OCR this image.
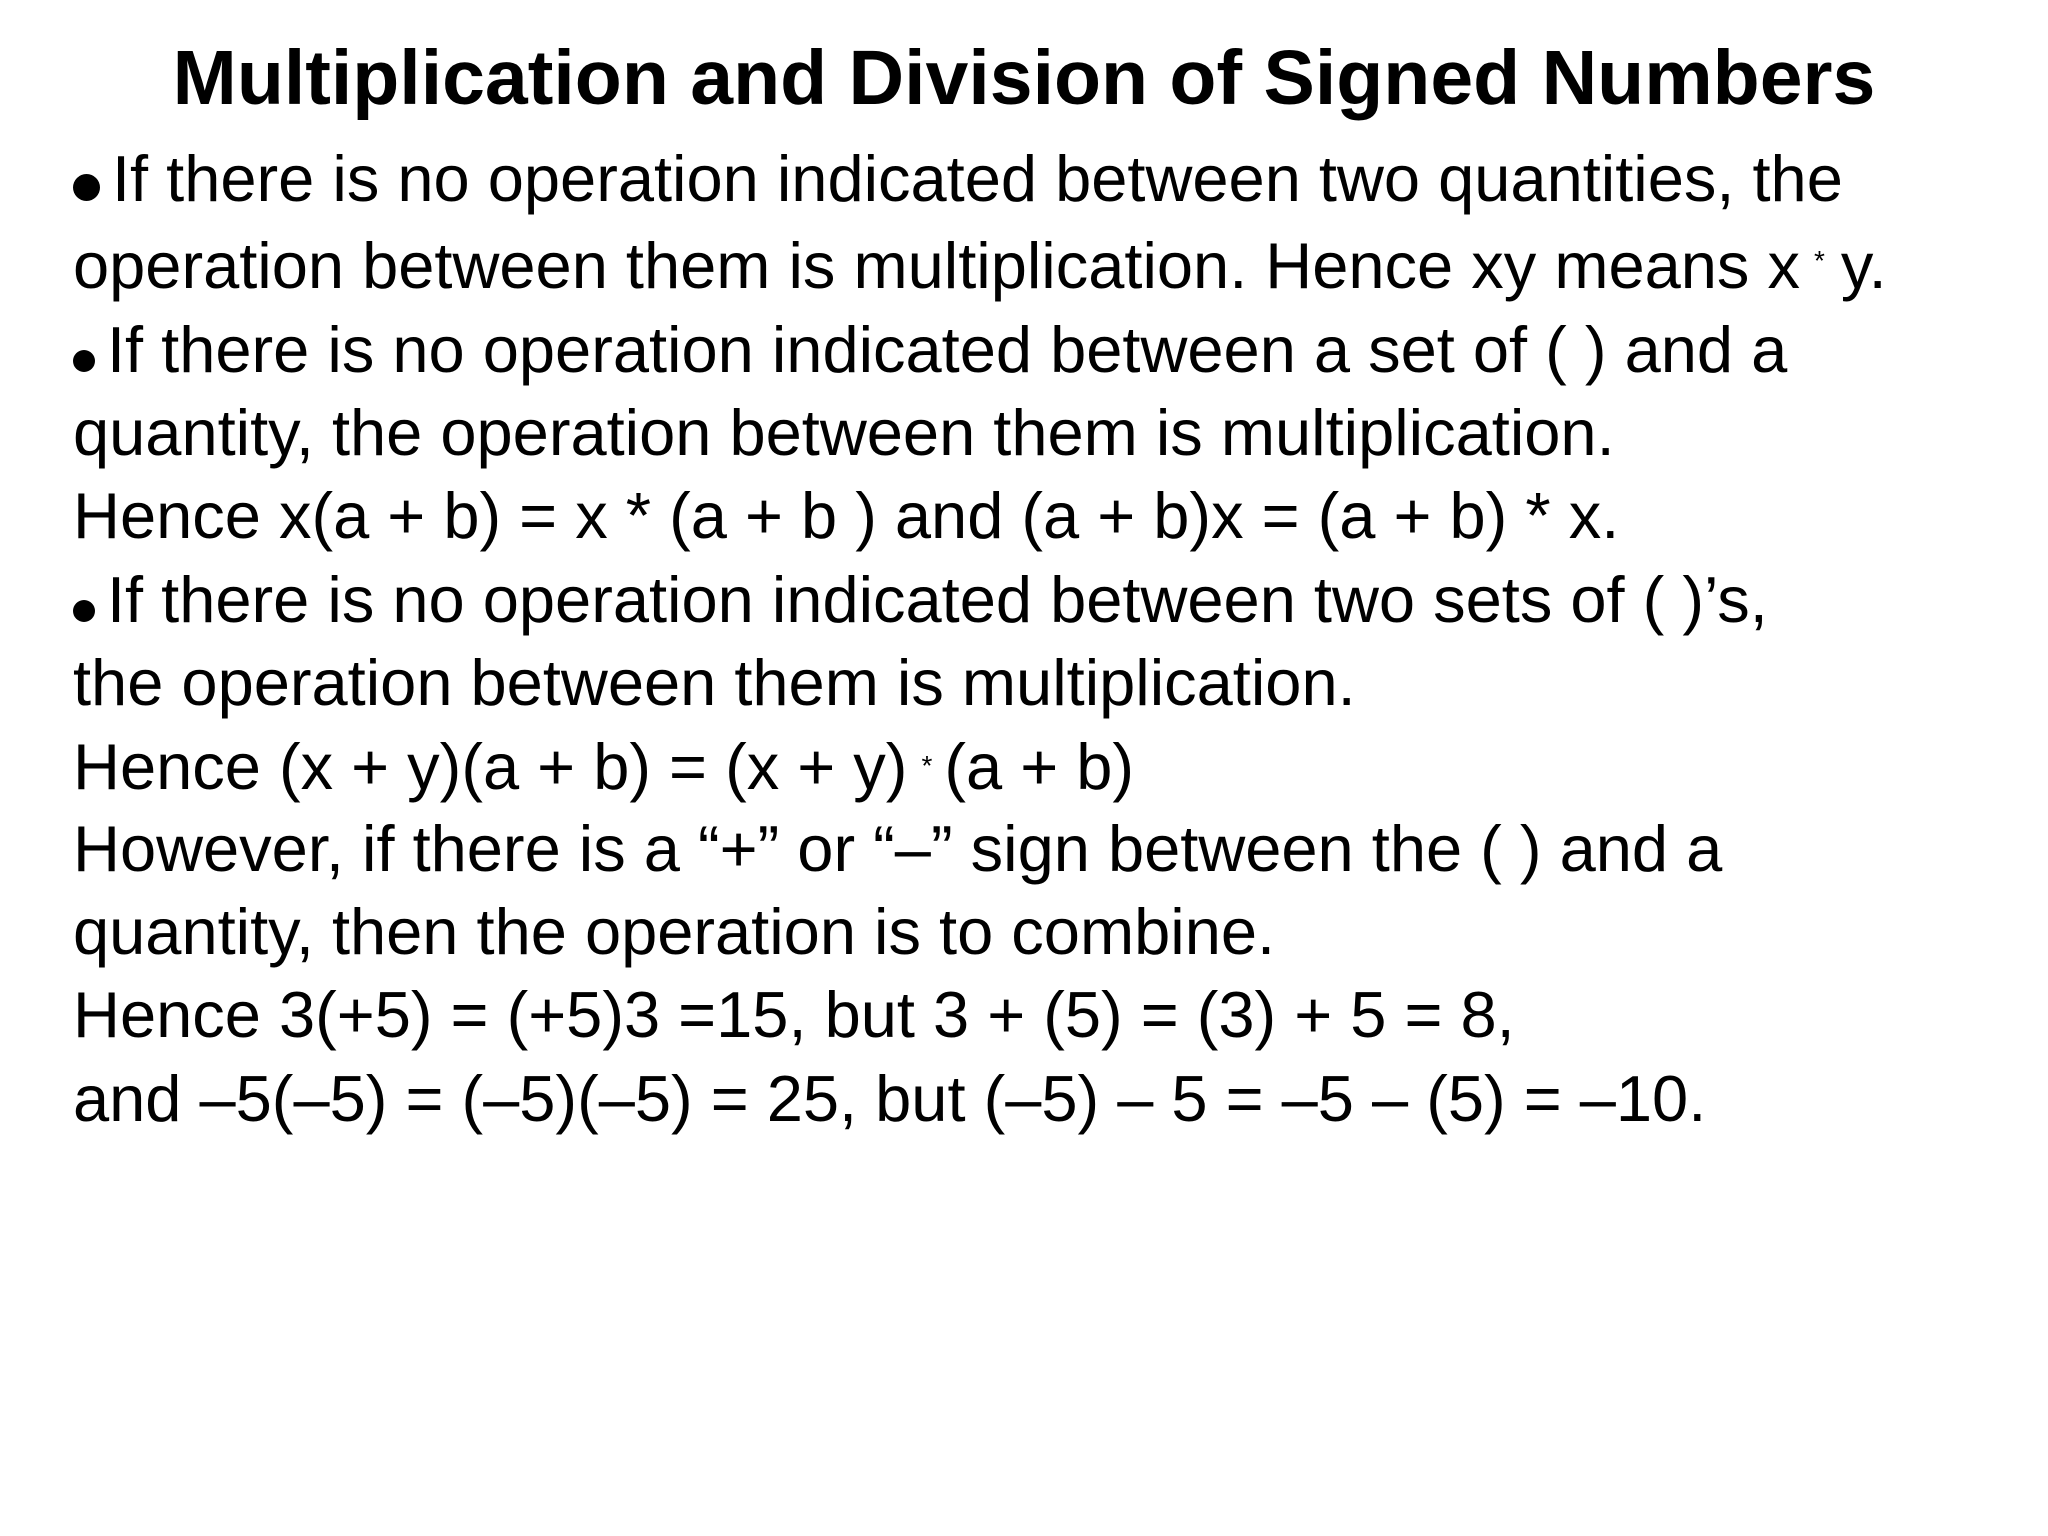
Multiplication and Division of Signed Numbers

If there is no operation indicated between two quantities, the

operation between them is multiplication. Hence xy means x * y.

If there is no operation indicated between a set of ( ) and a

quantity, the operation between them is multiplication.

Hence x(a + b) = x * (a + b ) and (a + b)x = (a + b) * x.

If there is no operation indicated between two sets of ( )’s,

the operation between them is multiplication.

Hence (x + y)(a + b) = (x + y) * (a + b)

However, if there is a “+” or “–” sign between the ( ) and a

quantity, then the operation is to combine.

Hence 3(+5) = (+5)3 =15, but 3 + (5) = (3) + 5 = 8,

and –5(–5) = (–5)(–5) = 25, but (–5) – 5 = –5 – (5) = –10.
